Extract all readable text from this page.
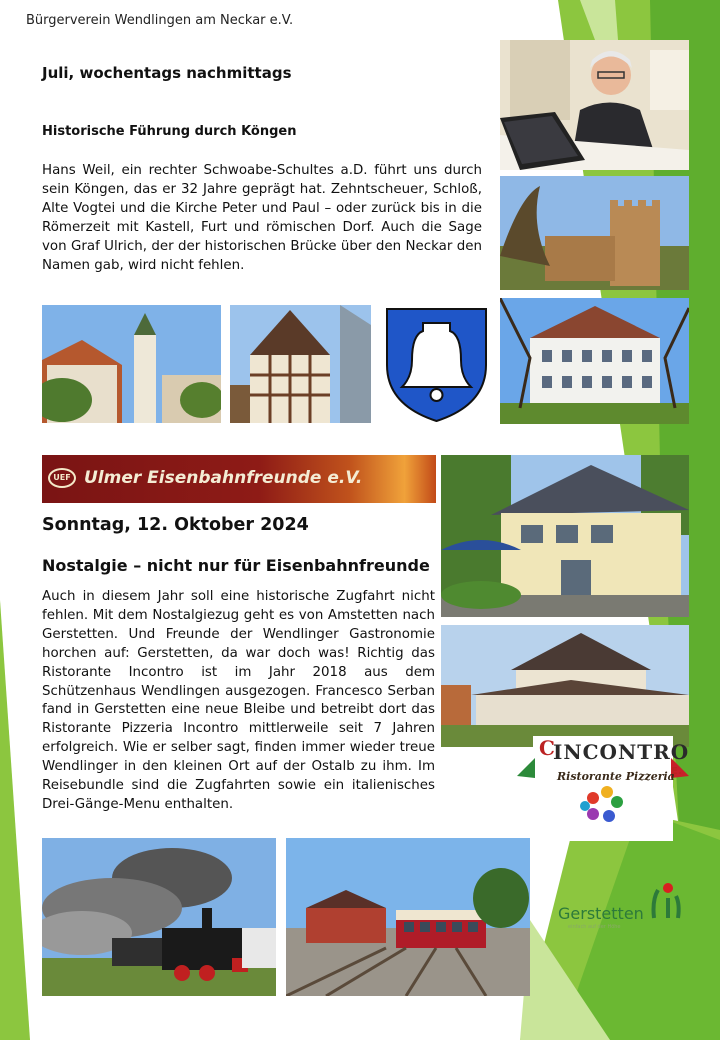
Bürgerverein Wendlingen am Neckar e.V.
Juli, wochentags nachmittags
Historische Führung durch Köngen
Hans Weil, ein rechter Schwoabe-Schultes a.D. führt uns durch sein Köngen, das er 32 Jahre geprägt hat. Zehntscheuer, Schloß, Alte Vogtei und die Kirche Peter und Paul – oder zurück bis in die Römerzeit mit Kastell, Furt und römischen Dorf. Auch die Sage von Graf Ulrich, der der historischen Brücke über den Neckar den Namen gab, wird nicht fehlen.
UEF Ulmer Eisenbahnfreunde e.V.
Sonntag, 12. Oktober 2024
Nostalgie – nicht nur für Eisenbahnfreunde
Auch in diesem Jahr soll eine historische Zugfahrt nicht fehlen. Mit dem Nostalgiezug geht es von Amstetten nach Gerstetten. Und Freunde der Wendlinger Gastronomie horchen auf: Gerstetten, da war doch was! Richtig das Ristorante Incontro ist im Jahr 2018 aus dem Schützenhaus Wendlingen ausgezogen. Francesco Serban fand in Gerstetten eine neue Bleibe und betreibt dort das Ristorante Pizzeria Incontro mittlerweile seit 7 Jahren erfolgreich. Wie er selber sagt, finden immer wieder treue Wendlinger in den kleinen Ort auf der Ostalb zu ihm. Im Reisebundle sind die Zugfahrten sowie ein italienisches Drei-Gänge-Menu enthalten.
C
INCONTRO
Ristorante Pizzeria
E.
Gerstetten
einfach auf der Höhe
